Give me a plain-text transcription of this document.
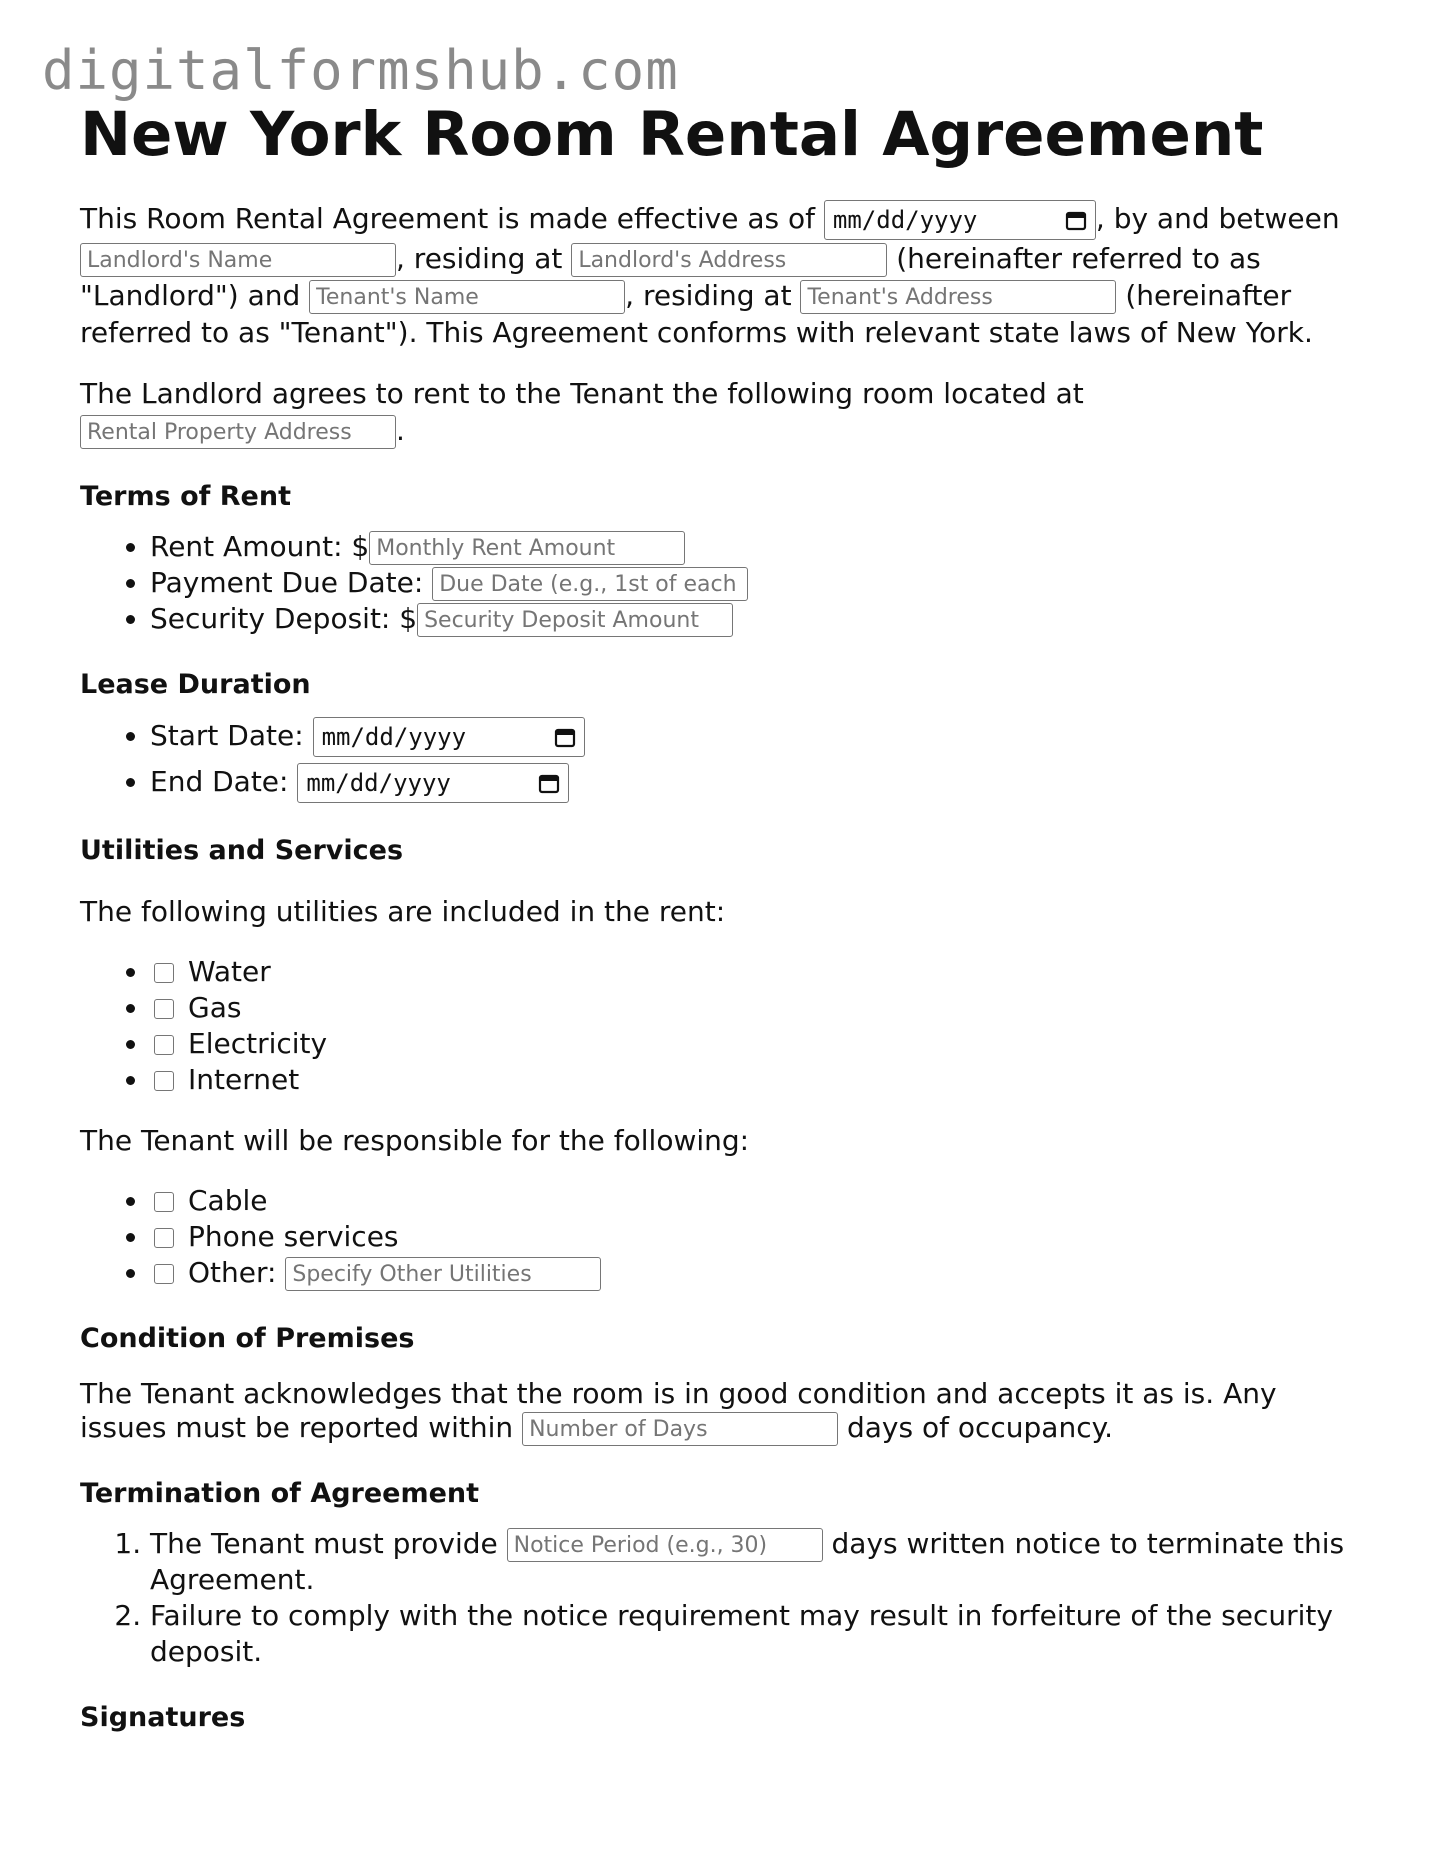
digitalformshub.com
New York Room Rental Agreement

This Room Rental Agreement is made effective as of mm/dd/yyyy	, by and between Landlord's Name, residing at Landlord's Address	(hereinafter referred to as "Landlord") and Tenant's Name	, residing at Tenant's Address	(hereinafter referred to as "Tenant"). This Agreement conforms with relevant state laws of New York.

The Landlord agrees to rent to the Tenant the following room located at
Rental Property Address.

Terms of Rent
• Rent Amount: $Monthly Rent Amount
• Payment Due Date: Due Date (e.g., 1st of each month)
• Security Deposit: $Security Deposit Amount
Lease Duration
• Start Date: mm/dd/yyyy
• End Date: mm/dd/yyyy
Utilities and Services

The following utilities are included in the rent:

• Water
• Gas
• Electricity
• Internet

The Tenant will be responsible for the following:

• Cable
• Phone services
• Other: Specify Other Utilities
Condition of Premises

The Tenant acknowledges that the room is in good condition and accepts it as is. Any issues must be reported within Number of Days	days of occupancy.

Termination of Agreement
1. The Tenant must provide Notice Period (e.g., 30)	days written notice to terminate this Agreement.
2. Failure to comply with the notice requirement may result in forfeiture of the security deposit.
Signatures
